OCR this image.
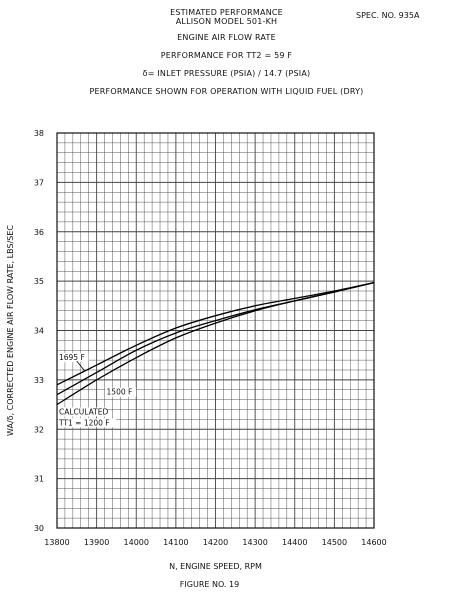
ESTIMATED PERFORMANCE
ALLISON MODEL 501-KH
SPEC. NO. 935A
ENGINE AIR FLOW RATE
PERFORMANCE FOR TT2 = 59 F
δ= INLET PRESSURE (PSIA) / 14.7 (PSIA)
PERFORMANCE SHOWN FOR OPERATION WITH LIQUID FUEL (DRY)
30
31
32
33
34
35
36
37
38
13800 13900 14000 14100 14200 14300 14400 14500 14600
N, ENGINE SPEED, RPM
WA/δ, CORRECTED ENGINE AIR FLOW RATE, LBS/SEC
FIGURE NO. 19
1695 F
1500 F
CALCULATED
TT1 = 1200 F
